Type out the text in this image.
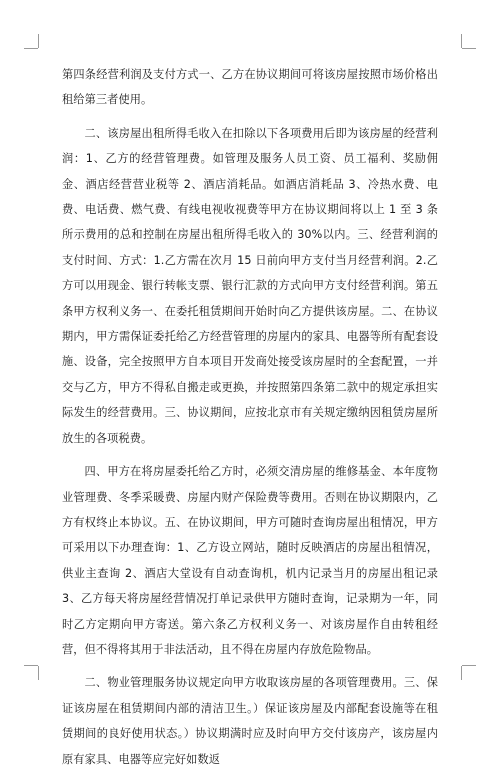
第四条经营利润及支付方式一、乙方在协议期间可将该房屋按照市场价格出租给第三者使用。

二、该房屋出租所得毛收入在扣除以下各项费用后即为该房屋的经营利润：1、乙方的经营管理费。如管理及服务人员工资、员工福利、奖励佣金、酒店经营营业税等 2、酒店消耗品。如酒店消耗品 3、冷热水费、电费、电话费、燃气费、有线电视收视费等甲方在协议期间将以上 1 至 3 条所示费用的总和控制在房屋出租所得毛收入的 30%以内。三、经营利润的支付时间、方式：1.乙方需在次月 15 日前向甲方支付当月经营利润。2.乙方可以用现金、银行转帐支票、银行汇款的方式向甲方支付经营利润。第五条甲方权利义务一、在委托租赁期间开始时向乙方提供该房屋。二、在协议期内，甲方需保证委托给乙方经营管理的房屋内的家具、电器等所有配套设施、设备，完全按照甲方自本项目开发商处接受该房屋时的全套配置，一并交与乙方，甲方不得私自搬走或更换，并按照第四条第二款中的规定承担实际发生的经营费用。三、协议期间，应按北京市有关规定缴纳因租赁房屋所放生的各项税费。

四、甲方在将房屋委托给乙方时，必须交清房屋的维修基金、本年度物业管理费、冬季采暖费、房屋内财产保险费等费用。否则在协议期限内，乙方有权终止本协议。五、在协议期间，甲方可随时查询房屋出租情况，甲方可采用以下办理查询：1、乙方设立网站，随时反映酒店的房屋出租情况，供业主查询 2、酒店大堂设有自动查询机，机内记录当月的房屋出租记录 3、乙方每天将房屋经营情况打单记录供甲方随时查询，记录期为一年，同时乙方定期向甲方寄送。第六条乙方权利义务一、对该房屋作自由转租经营，但不得将其用于非法活动，且不得在房屋内存放危险物品。

二、物业管理服务协议规定向甲方收取该房屋的各项管理费用。三、保证该房屋在租赁期间内部的清洁卫生。）保证该房屋及内部配套设施等在租赁期间的良好使用状态。）协议期满时应及时向甲方交付该房产，该房屋内原有家具、电器等应完好如数返
